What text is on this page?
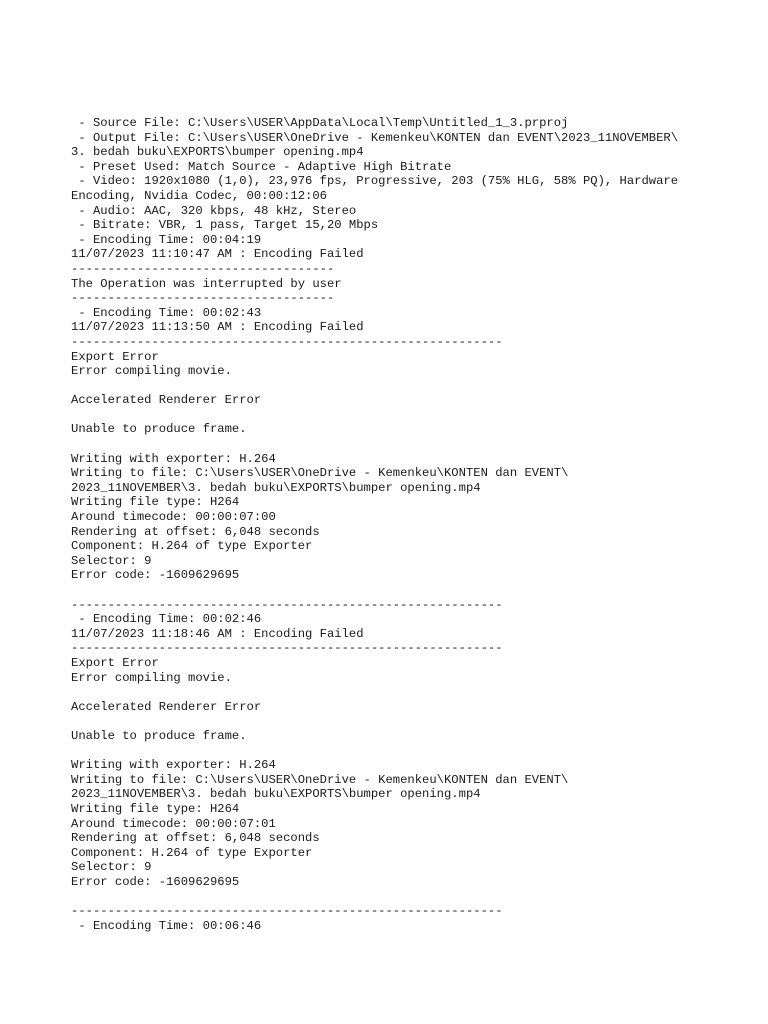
- Source File: C:\Users\USER\AppData\Local\Temp\Untitled_1_3.prproj
- Output File: C:\Users\USER\OneDrive - Kemenkeu\KONTEN dan EVENT\2023_11NOVEMBER\
3. bedah buku\EXPORTS\bumper opening.mp4
- Preset Used: Match Source - Adaptive High Bitrate
- Video: 1920x1080 (1,0), 23,976 fps, Progressive, 203 (75% HLG, 58% PQ), Hardware
Encoding, Nvidia Codec, 00:00:12:06
- Audio: AAC, 320 kbps, 48 kHz, Stereo
- Bitrate: VBR, 1 pass, Target 15,20 Mbps
- Encoding Time: 00:04:19
11/07/2023 11:10:47 AM : Encoding Failed
------------------------------------
The Operation was interrupted by user
------------------------------------
- Encoding Time: 00:02:43
11/07/2023 11:13:50 AM : Encoding Failed
-----------------------------------------------------------
Export Error
Error compiling movie.
Accelerated Renderer Error
Unable to produce frame.
Writing with exporter: H.264
Writing to file: C:\Users\USER\OneDrive - Kemenkeu\KONTEN dan EVENT\
2023_11NOVEMBER\3. bedah buku\EXPORTS\bumper opening.mp4
Writing file type: H264
Around timecode: 00:00:07:00
Rendering at offset: 6,048 seconds
Component: H.264 of type Exporter
Selector: 9
Error code: -1609629695
-----------------------------------------------------------
- Encoding Time: 00:02:46
11/07/2023 11:18:46 AM : Encoding Failed
-----------------------------------------------------------
Export Error
Error compiling movie.
Accelerated Renderer Error
Unable to produce frame.
Writing with exporter: H.264
Writing to file: C:\Users\USER\OneDrive - Kemenkeu\KONTEN dan EVENT\
2023_11NOVEMBER\3. bedah buku\EXPORTS\bumper opening.mp4
Writing file type: H264
Around timecode: 00:00:07:01
Rendering at offset: 6,048 seconds
Component: H.264 of type Exporter
Selector: 9
Error code: -1609629695
-----------------------------------------------------------
- Encoding Time: 00:06:46
